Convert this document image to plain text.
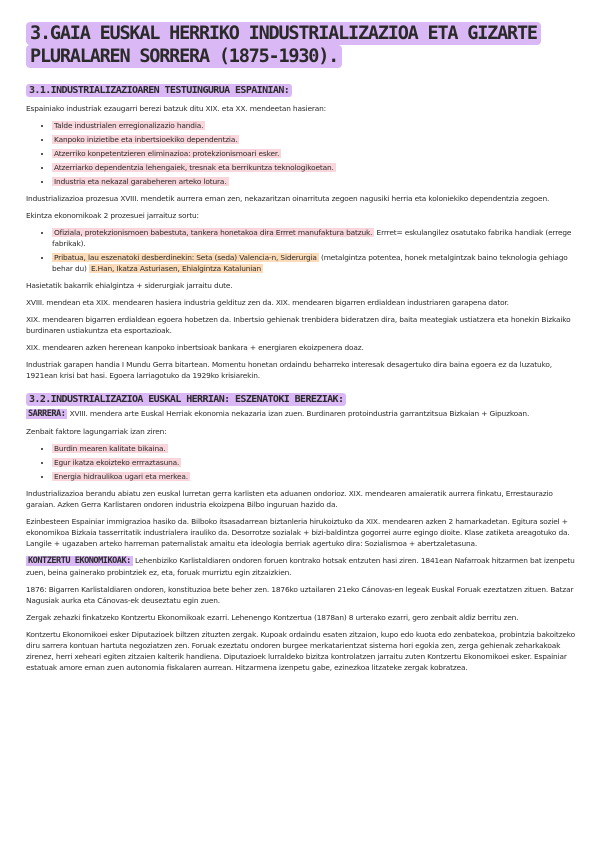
3.GAIA EUSKAL HERRIKO INDUSTRIALIZAZIOA ETA GIZARTE PLURALAREN SORRERA (1875-1930).
3.1.INDUSTRIALIZAZIOAREN TESTUINGURUA ESPAINIAN:

Espainiako industriak ezaugarri berezi batzuk ditu XIX. eta XX. mendeetan hasieran:

• Talde industrialen erregionalizazio handia.
• Kanpoko inizietibe eta inbertsioekiko dependentzia.
• Atzerriko konpetentzieren eliminazioa: protekzionismoari esker.
• Atzerriarko dependentzia lehengaiek, tresnak eta berrikuntza teknologikoetan.
• Industria eta nekazal garabeheren arteko lotura.

Industrializazioa prozesua XVIII. mendetik aurrera eman zen, nekazaritzan oinarrituta zegoen nagusiki herria eta koloniekiko dependentzia zegoen.

Ekintza ekonomikoak 2 prozesuei jarraituz sortu:

• Ofiziala, protekzionismoen babestuta, tankera honetakoa dira Errret manufaktura batzuk. Errret= eskulangilez osatutako fabrika handiak (errege fabrikak).
• Pribatua, lau eszenatoki desberdinekin: Seta (seda) Valencia-n, Siderurgia (metalgintza potentea, honek metalgintzak baino teknologia gehiago behar du) E.Han, Ikatza Asturiasen, Ehialgintza Katalunian

Hasietatik bakarrik ehialgintza + siderurgiak jarraitu dute.

XVIII. mendean eta XIX. mendearen hasiera industria geldituz zen da. XIX. mendearen bigarren erdialdean industriaren garapena dator.

XIX. mendearen bigarren erdialdean egoera hobetzen da. Inbertsio gehienak trenbidera bideratzen dira, baita meategiak ustiatzera eta honekin Bizkaiko burdinaren ustiakuntza eta esportazioak.

XIX. mendearen azken herenean kanpoko inbertsioak bankara + energiaren ekoizpenera doaz.

Industriak garapen handia I Mundu Gerra bitartean. Momentu honetan ordaindu beharreko interesak desagertuko dira baina egoera ez da luzatuko, 1921ean krisi bat hasi. Egoera larriagotuko da 1929ko krisiarekin.

3.2.INDUSTRIALIZAZIOA EUSKAL HERRIAN: ESZENATOKI BEREZIAK:

SARRERA: XVIII. mendera arte Euskal Herriak ekonomia nekazaria izan zuen. Burdinaren protoindustria garrantzitsua Bizkaian + Gipuzkoan.

Zenbait faktore lagungarriak izan ziren:

• Burdin mearen kalitate bikaina.
• Egur ikatza ekoizteko errraztasuna.
• Energia hidraulikoa ugari eta merkea.

Industrializazioa berandu abiatu zen euskal lurretan gerra karlisten eta aduanen ondorioz. XIX. mendearen amaieratik aurrera finkatu, Errestaurazio garaian. Azken Gerra Karlistaren ondoren industria ekoizpena Bilbo inguruan hazido da.

Ezinbesteen Espainiar immigrazioa hasiko da. Bilboko itsasadarrean biztanleria hirukoiztuko da XIX. mendearen azken 2 hamarkadetan. Egitura soziel + ekonomikoa Bizkaia tasserritatik industrialera irauliko da. Desorrotze sozialak + bizi-baldintza gogorrei aurre egingo dioite. Klase zatiketa areagotuko da. Langile + ugazaben arteko harreman paternalistak amaitu eta ideologia berriak agertuko dira: Sozialismoa + abertzaletasuna.

KONTZERTU EKONOMIKOAK: Lehenbiziko Karlistaldiaren ondoren foruen kontrako hotsak entzuten hasi ziren. 1841ean Nafarroak hitzarmen bat izenpetu zuen, beina gainerako probintziek ez, eta, foruak murriztu egin zitzaizkien.

1876: Bigarren Karlistaldiaren ondoren, konstituzioa bete beher zen. 1876ko uztailaren 21eko Cánovas-en legeak Euskal Foruak ezeztatzen zituen. Batzar Nagusiak aurka eta Cánovas-ek deuseztatu egin zuen.

Zergak zehazki finkatzeko Kontzertu Ekonomikoak ezarri. Lehenengo Kontzertua (1878an) 8 urterako ezarri, gero zenbait aldiz berritu zen.

Kontzertu Ekonomikoei esker Diputazioek biltzen zituzten zergak. Kupoak ordaindu esaten zitzaion, kupo edo kuota edo zenbatekoa, probintzia bakoitzeko diru sarrera kontuan hartuta negoziatzen zen. Foruak ezeztatu ondoren burgee merkatarientzat sistema hori egokia zen, zerga gehienak zeharkakoak zirenez, herri xeheari egiten zitzaien kalterik handiena. Diputazioek lurraldeko bizitza kontrolatzen jarraitu zuten Kontzertu Ekonomikoei esker. Espainiar estatuak amore eman zuen autonomia fiskalaren aurrean. Hitzarmena izenpetu gabe, ezinezkoa litzateke zergak kobratzea.
